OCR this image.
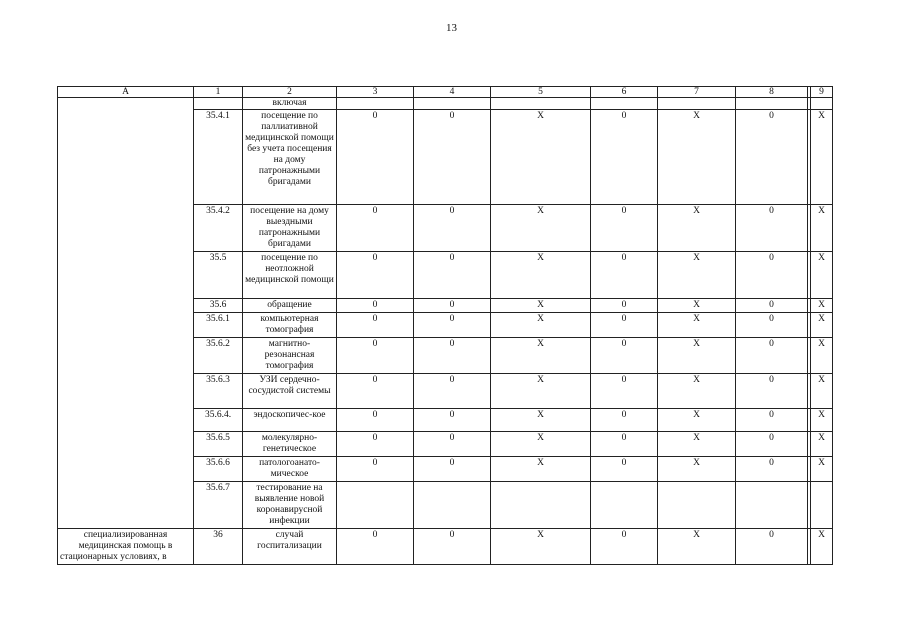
13
А	1	2	3	4	5	6	7	8		9
		включая								
	35.4.1	посещение по паллиативной медицинской помощи без учета посещения на дому патронажными бригадами	0	0	X	0	X	0		X
	35.4.2	посещение на дому выездными патронажными бригадами	0	0	X	0	X	0		X
	35.5	посещение по неотложной медицинской помощи	0	0	X	0	X	0		X
	35.6	обращение	0	0	X	0	X	0		X
	35.6.1	компьютерная томография	0	0	X	0	X	0		X
	35.6.2	магнитно-резонансная томография	0	0	X	0	X	0		X
	35.6.3	УЗИ сердечно-сосудистой системы	0	0	X	0	X	0		X
	35.6.4.	эндоскопичес-кое	0	0	X	0	X	0		X
	35.6.5	молекулярно-генетическое	0	0	X	0	X	0		X
	35.6.6	патологоанато-мическое	0	0	X	0	X	0		X
	35.6.7	тестирование на выявление новой коронавирусной инфекции								
специализированная медицинская помощь в стационарных условиях, в	36	случай госпитализации	0	0	X	0	X	0		X
